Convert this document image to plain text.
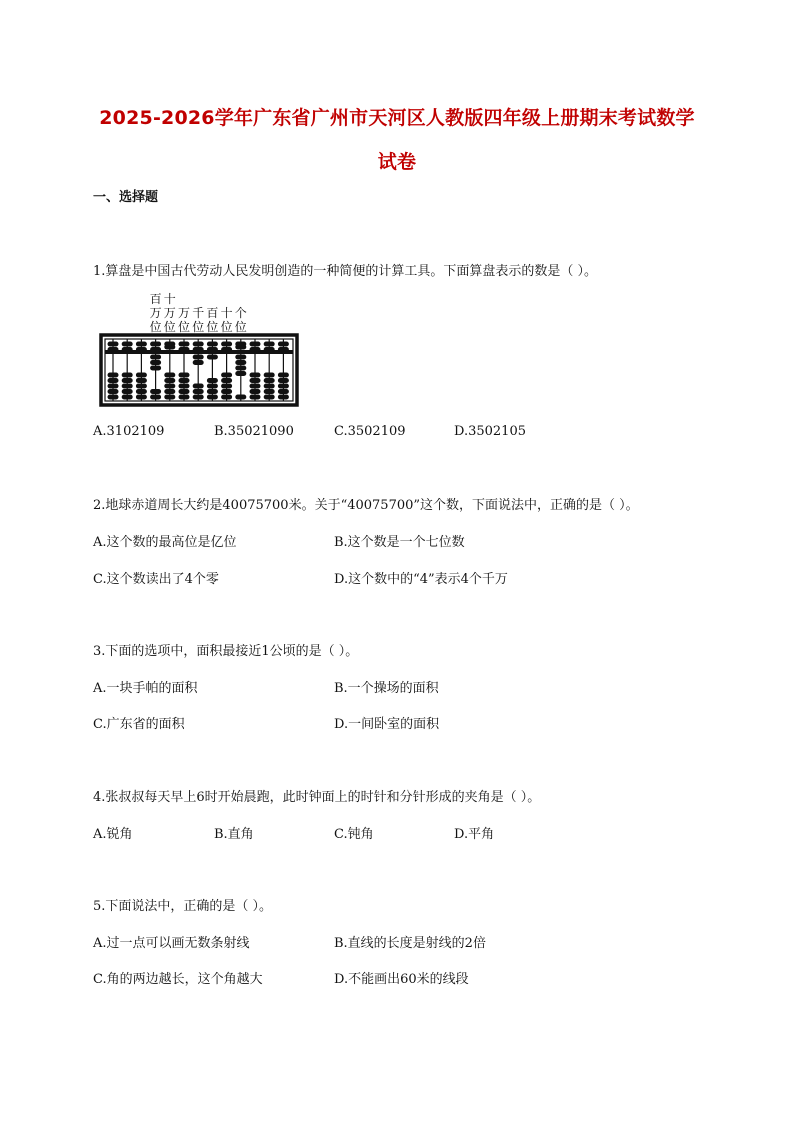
2025-2026学年广东省广州市天河区人教版四年级上册期末考试数学试卷
一、选择题
1.算盘是中国古代劳动人民发明创造的一种简便的计算工具。下面算盘表示的数是（ ）。
百
万
位
十
万
位
万
位
千
位
百
位
十
位
个
位
A.3102109	B.35021090	C.3502109	D.3502105
2.地球赤道周长大约是40075700米。关于“40075700”这个数，下面说法中，正确的是（ ）。
A.这个数的最高位是亿位	B.这个数是一个七位数
C.这个数读出了4个零	D.这个数中的“4”表示4个千万
3.下面的选项中，面积最接近1公顷的是（ ）。
A.一块手帕的面积	B.一个操场的面积
C.广东省的面积	D.一间卧室的面积
4.张叔叔每天早上6时开始晨跑，此时钟面上的时针和分针形成的夹角是（ ）。
A.锐角	B.直角	C.钝角	D.平角
5.下面说法中，正确的是（ ）。
A.过一点可以画无数条射线	B.直线的长度是射线的2倍
C.角的两边越长，这个角越大	D.不能画出60米的线段
